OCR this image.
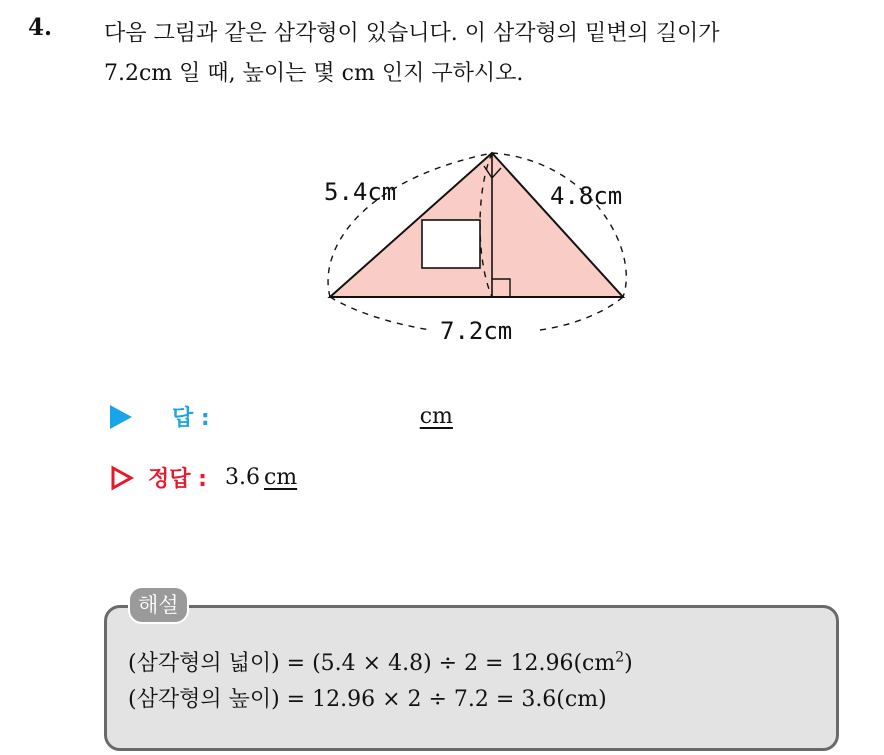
4. 다음 그림과 같은 삼각형이 있습니다. 이 삼각형의 밑변의 길이가
7.2cm 일 때, 높이는 몇 cm 인지 구하시오.
5.4cm	4.8cm
7.2cm
답 :	cm
정답 : 3.6 cm
해설
(삼각형의 넓이) = $(5.4 \times 4.8) \div 2 = 12.96(cm^2)$
(삼각형의 높이) = 12.96 × 2 ÷ 7.2 = 3.6(cm)
